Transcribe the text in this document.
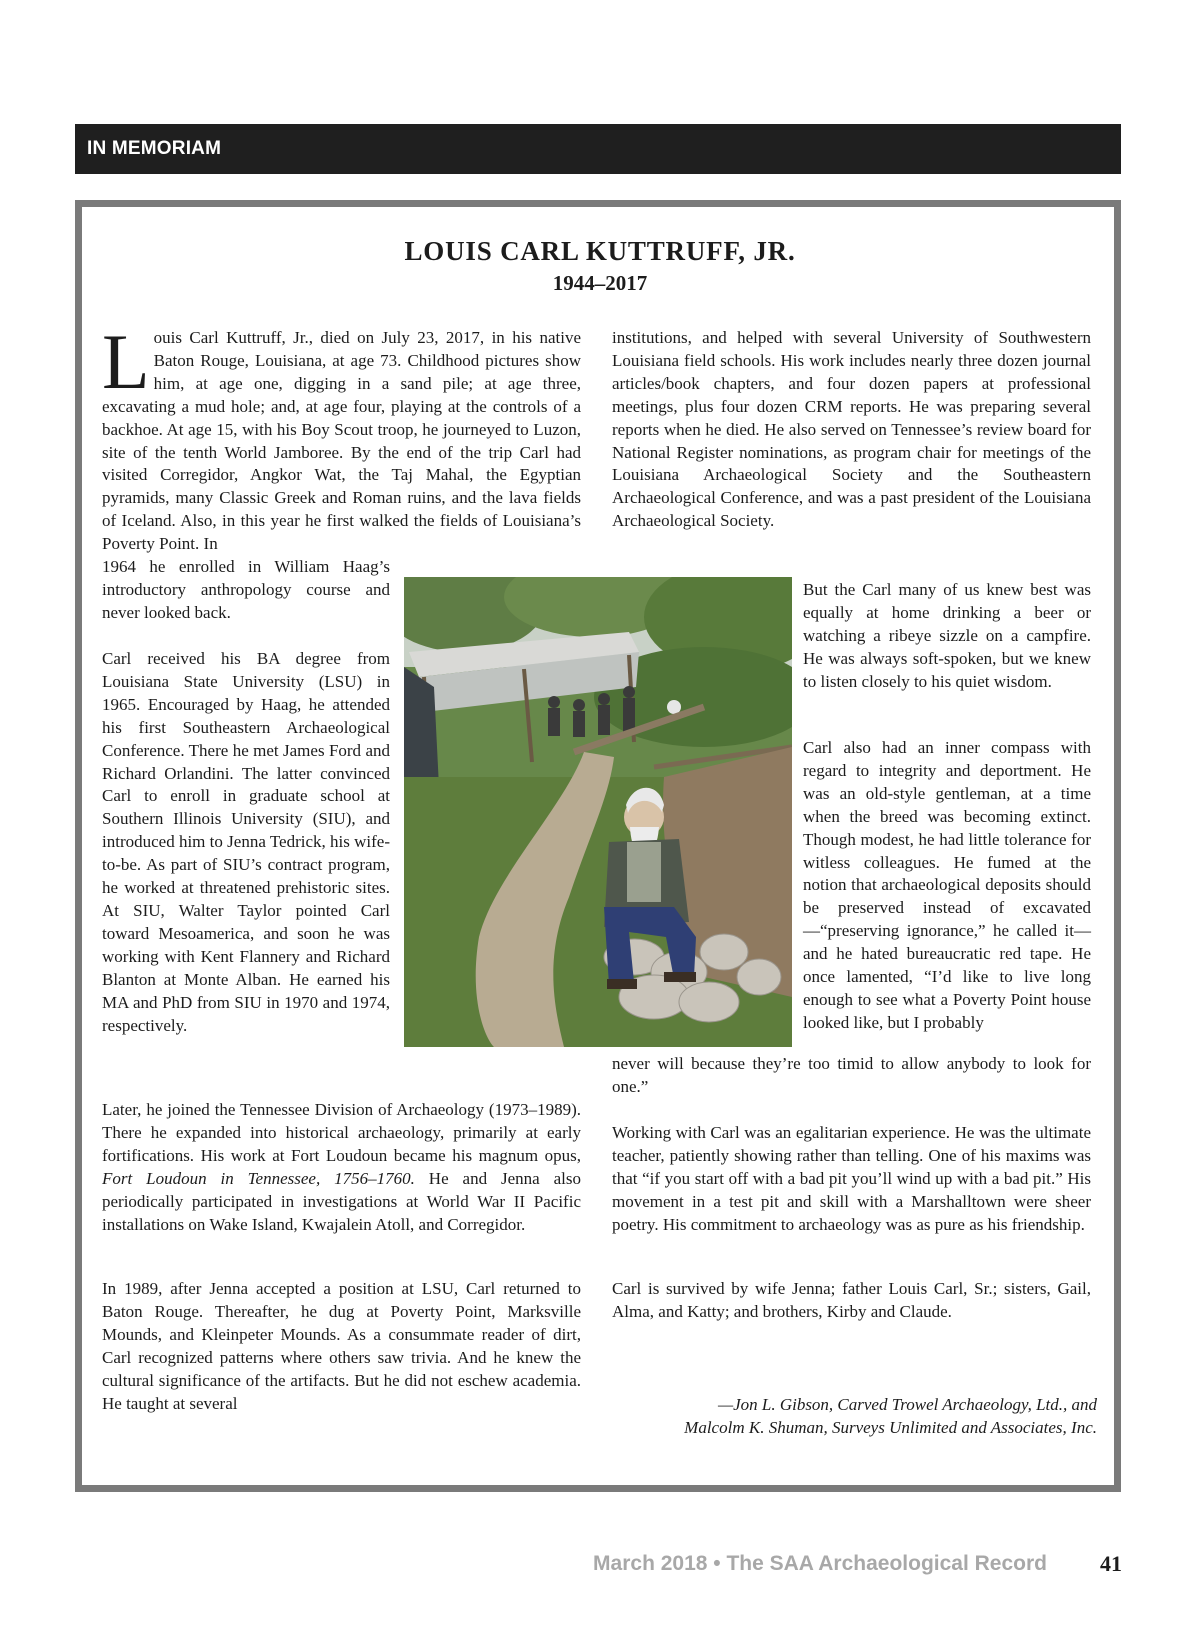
IN MEMORIAM
LOUIS CARL KUTTRUFF, JR.
1944–2017

Louis Carl Kuttruff, Jr., died on July 23, 2017, in his native Baton Rouge, Louisiana, at age 73. Childhood pictures show him, at age one, digging in a sand pile; at age three, excavating a mud hole; and, at age four, playing at the controls of a backhoe. At age 15, with his Boy Scout troop, he journeyed to Luzon, site of the tenth World Jamboree. By the end of the trip Carl had visited Corregidor, Angkor Wat, the Taj Mahal, the Egyptian pyramids, many Classic Greek and Roman ruins, and the lava fields of Iceland. Also, in this year he first walked the fields of Louisiana’s Poverty Point. In

1964 he enrolled in William Haag’s introductory anthropology course and never looked back.

Carl received his BA degree from Louisiana State University (LSU) in 1965. Encouraged by Haag, he attended his first Southeastern Archaeological Conference. There he met James Ford and Richard Orlandini. The latter convinced Carl to enroll in graduate school at Southern Illinois University (SIU), and introduced him to Jenna Tedrick, his wife-to-be. As part of SIU’s contract program, he worked at threatened prehistoric sites. At SIU, Walter Taylor pointed Carl toward Mesoamerica, and soon he was working with Kent Flannery and Richard Blanton at Monte Alban. He earned his MA and PhD from SIU in 1970 and 1974, respectively.

Later, he joined the Tennessee Division of Archaeology (1973–1989). There he expanded into historical archaeology, primarily at early fortifications. His work at Fort Loudoun became his magnum opus, Fort Loudoun in Tennessee, 1756–1760. He and Jenna also periodically participated in investigations at World War II Pacific installations on Wake Island, Kwajalein Atoll, and Corregidor.

In 1989, after Jenna accepted a position at LSU, Carl returned to Baton Rouge. Thereafter, he dug at Poverty Point, Marksville Mounds, and Kleinpeter Mounds. As a consummate reader of dirt, Carl recognized patterns where others saw trivia. And he knew the cultural significance of the artifacts. But he did not eschew academia. He taught at several

institutions, and helped with several University of Southwestern Louisiana field schools. His work includes nearly three dozen journal articles/book chapters, and four dozen papers at professional meetings, plus four dozen CRM reports. He was preparing several reports when he died. He also served on Tennessee’s review board for National Register nominations, as program chair for meetings of the Louisiana Archaeological Society and the Southeastern Archaeological Conference, and was a past president of the Louisiana Archaeological Society.

But the Carl many of us knew best was equally at home drinking a beer or watching a ribeye sizzle on a campfire. He was always soft-spoken, but we knew to listen closely to his quiet wisdom.

Carl also had an inner compass with regard to integrity and deportment. He was an old-style gentleman, at a time when the breed was becoming extinct. Though modest, he had little tolerance for witless colleagues. He fumed at the notion that archaeological deposits should be preserved instead of excavated—“preserving ignorance,” he called it—and he hated bureaucratic red tape. He once lamented, “I’d like to live long enough to see what a Poverty Point house looked like, but I probably

never will because they’re too timid to allow anybody to look for one.”

Working with Carl was an egalitarian experience. He was the ultimate teacher, patiently showing rather than telling. One of his maxims was that “if you start off with a bad pit you’ll wind up with a bad pit.” His movement in a test pit and skill with a Marshalltown were sheer poetry. His commitment to archaeology was as pure as his friendship.

Carl is survived by wife Jenna; father Louis Carl, Sr.; sisters, Gail, Alma, and Katty; and brothers, Kirby and Claude.

—Jon L. Gibson, Carved Trowel Archaeology, Ltd., and
Malcolm K. Shuman, Surveys Unlimited and Associates, Inc.
March 2018 • The SAA Archaeological Record 41
